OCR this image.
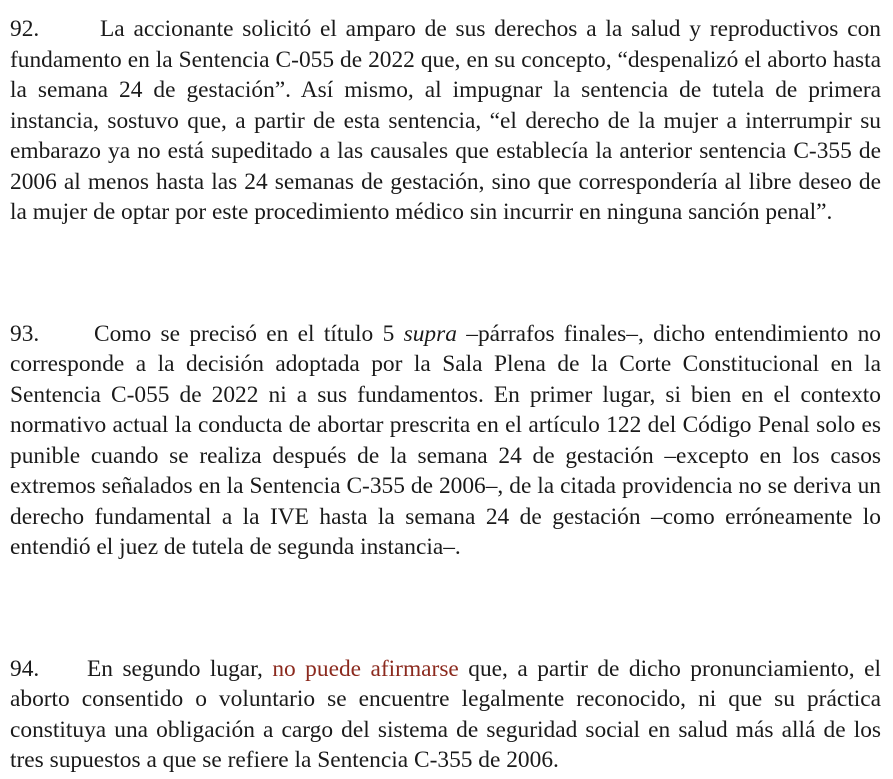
92.	La accionante solicitó el amparo de sus derechos a la salud y reproductivos con fundamento en la Sentencia C-055 de 2022 que, en su concepto, “despenalizó el aborto hasta la semana 24 de gestación”. Así mismo, al impugnar la sentencia de tutela de primera instancia, sostuvo que, a partir de esta sentencia, “el derecho de la mujer a interrumpir su embarazo ya no está supeditado a las causales que establecía la anterior sentencia C-355 de 2006 al menos hasta las 24 semanas de gestación, sino que correspondería al libre deseo de la mujer de optar por este procedimiento médico sin incurrir en ninguna sanción penal”.

93. Como se precisó en el título 5 supra –párrafos finales–, dicho entendimiento no corresponde a la decisión adoptada por la Sala Plena de la Corte Constitucional en la Sentencia C-055 de 2022 ni a sus fundamentos. En primer lugar, si bien en el contexto normativo actual la conducta de abortar prescrita en el artículo 122 del Código Penal solo es punible cuando se realiza después de la semana 24 de gestación –excepto en los casos extremos señalados en la Sentencia C-355 de 2006–, de la citada providencia no se deriva un derecho fundamental a la IVE hasta la semana 24 de gestación –como erróneamente lo entendió el juez de tutela de segunda instancia–.

94. En segundo lugar, no puede afirmarse que, a partir de dicho pronunciamiento, el aborto consentido o voluntario se encuentre legalmente reconocido, ni que su práctica constituya una obligación a cargo del sistema de seguridad social en salud más allá de los tres supuestos a que se refiere la Sentencia C-355 de 2006.
